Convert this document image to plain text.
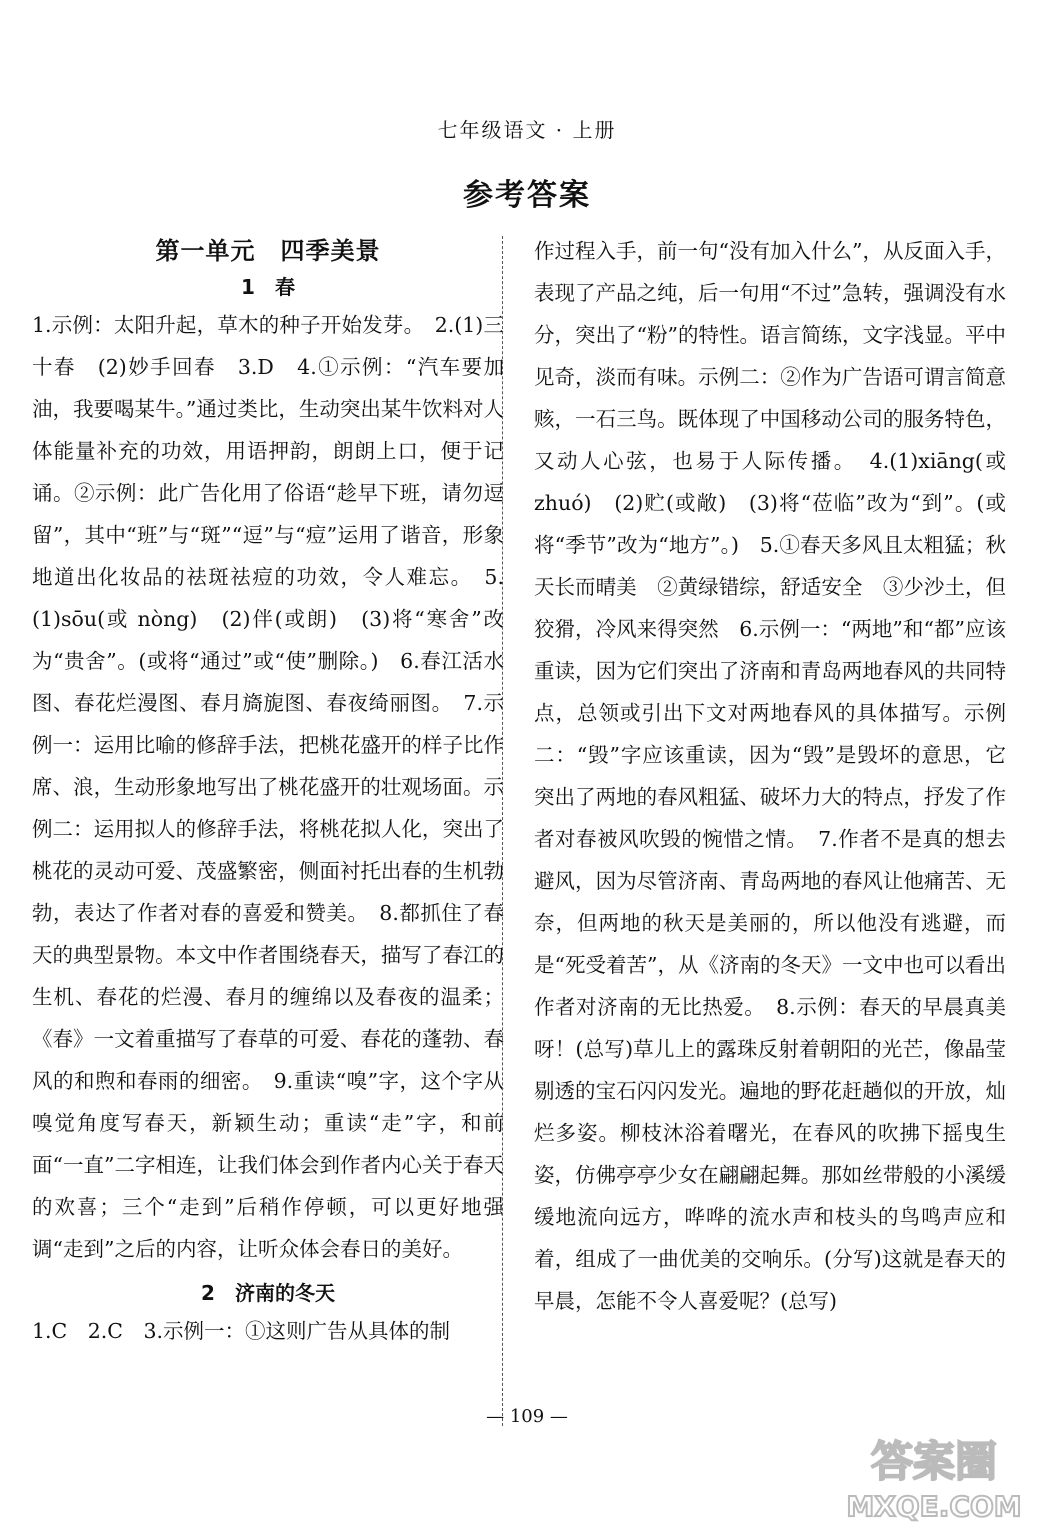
七年级语文 · 上册
参考答案
第一单元　四季美景
1　春

1.示例：太阳升起，草木的种子开始发芽。　2.(1)三十春　(2)妙手回春　3.D　4.①示例：“汽车要加油，我要喝某牛。”通过类比，生动突出某牛饮料对人体能量补充的功效，用语押韵，朗朗上口，便于记诵。②示例：此广告化用了俗语“趁早下班，请勿逗留”，其中“班”与“斑”“逗”与“痘”运用了谐音，形象地道出化妆品的祛斑祛痘的功效，令人难忘。　5.(1)sōu(或 nòng)　(2)伴(或朗)　(3)将“寒舍”改为“贵舍”。(或将“通过”或“使”删除。)　6.春江活水图、春花烂漫图、春月旖旎图、春夜绮丽图。　7.示例一：运用比喻的修辞手法，把桃花盛开的样子比作席、浪，生动形象地写出了桃花盛开的壮观场面。示例二：运用拟人的修辞手法，将桃花拟人化，突出了桃花的灵动可爱、茂盛繁密，侧面衬托出春的生机勃勃，表达了作者对春的喜爱和赞美。　8.都抓住了春天的典型景物。本文中作者围绕春天，描写了春江的生机、春花的烂漫、春月的缠绵以及春夜的温柔；《春》一文着重描写了春草的可爱、春花的蓬勃、春风的和煦和春雨的细密。　9.重读“嗅”字，这个字从嗅觉角度写春天，新颖生动；重读“走”字，和前面“一直”二字相连，让我们体会到作者内心关于春天的欢喜；三个“走到”后稍作停顿，可以更好地强调“走到”之后的内容，让听众体会春日的美好。

2　济南的冬天

1.C　2.C　3.示例一：①这则广告从具体的制

作过程入手，前一句“没有加入什么”，从反面入手，表现了产品之纯，后一句用“不过”急转，强调没有水分，突出了“粉”的特性。语言简练，文字浅显。平中见奇，淡而有味。示例二：②作为广告语可谓言简意赅，一石三鸟。既体现了中国移动公司的服务特色，又动人心弦，也易于人际传播。　4.(1)xiāng(或 zhuó)　(2)贮(或敞)　(3)将“莅临”改为“到”。(或将“季节”改为“地方”。)　5.①春天多风且太粗猛；秋天长而晴美　②黄绿错综，舒适安全　③少沙土，但狡猾，冷风来得突然　6.示例一：“两地”和“都”应该重读，因为它们突出了济南和青岛两地春风的共同特点，总领或引出下文对两地春风的具体描写。示例二：“毁”字应该重读，因为“毁”是毁坏的意思，它突出了两地的春风粗猛、破坏力大的特点，抒发了作者对春被风吹毁的惋惜之情。　7.作者不是真的想去避风，因为尽管济南、青岛两地的春风让他痛苦、无奈，但两地的秋天是美丽的，所以他没有逃避，而是“死受着苦”，从《济南的冬天》一文中也可以看出作者对济南的无比热爱。　8.示例：春天的早晨真美呀！(总写)草儿上的露珠反射着朝阳的光芒，像晶莹剔透的宝石闪闪发光。遍地的野花赶趟似的开放，灿烂多姿。柳枝沐浴着曙光，在春风的吹拂下摇曳生姿，仿佛亭亭少女在翩翩起舞。那如丝带般的小溪缓缓地流向远方，哗哗的流水声和枝头的鸟鸣声应和着，组成了一曲优美的交响乐。(分写)这就是春天的早晨，怎能不令人喜爱呢？(总写)

— 109 —
答案圈
MXQE.COM
